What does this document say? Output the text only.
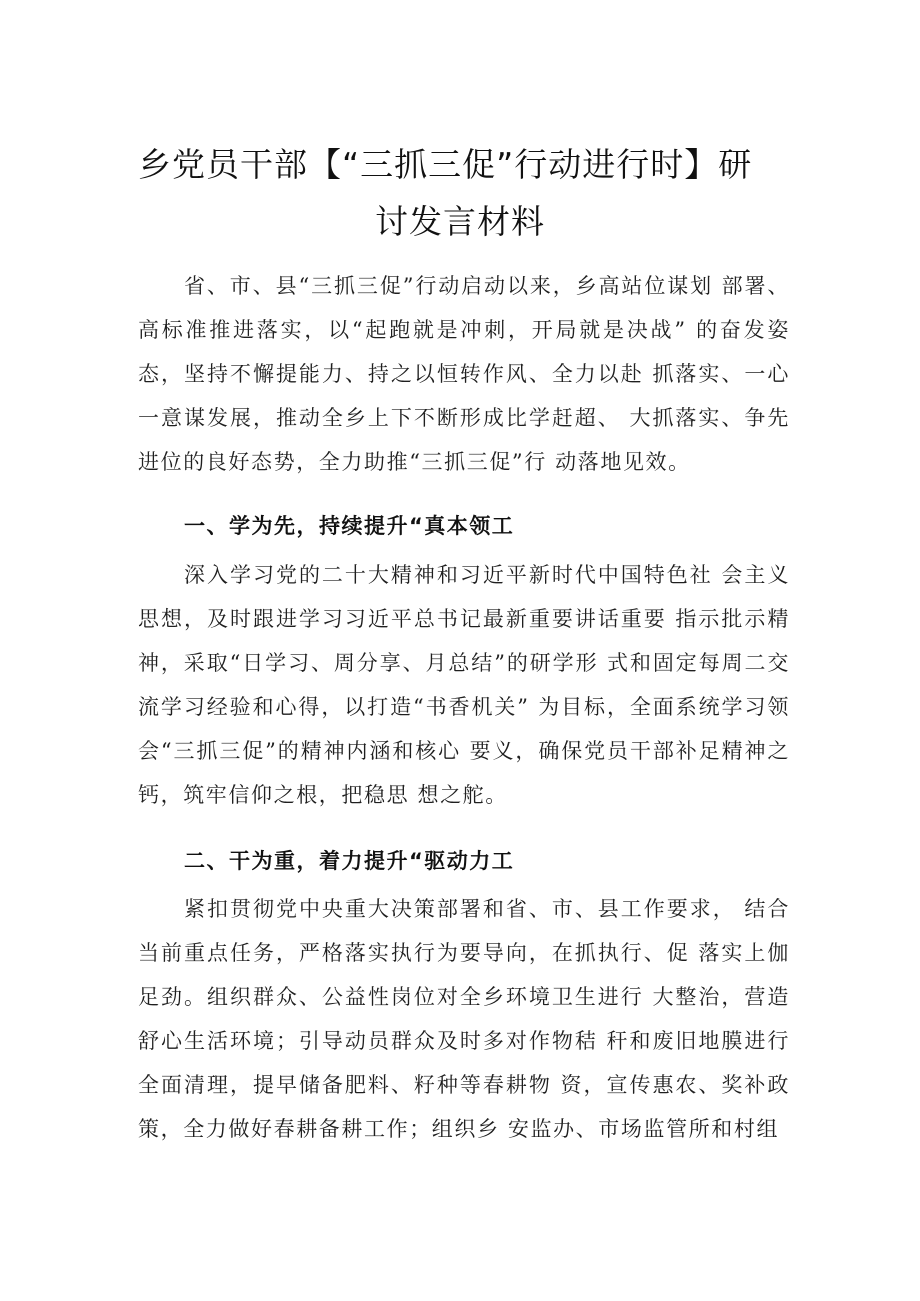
乡党员干部【“三抓三促”行动进行时】研
讨发言材料
省、市、县“三抓三促”行动启动以来，乡高站位谋划 部署、高标准推进落实，以“起跑就是冲刺，开局就是决战” 的奋发姿态，坚持不懈提能力、持之以恒转作风、全力以赴 抓落实、一心一意谋发展，推动全乡上下不断形成比学赶超、 大抓落实、争先进位的良好态势，全力助推“三抓三促”行 动落地见效。
一、学为先，持续提升“真本领工
深入学习党的二十大精神和习近平新时代中国特色社 会主义思想，及时跟进学习习近平总书记最新重要讲话重要 指示批示精神，采取“日学习、周分享、月总结”的研学形 式和固定每周二交流学习经验和心得，以打造“书香机关” 为目标，全面系统学习领会“三抓三促”的精神内涵和核心 要义，确保党员干部补足精神之钙，筑牢信仰之根，把稳思 想之舵。
二、干为重，着力提升“驱动力工
紧扣贯彻党中央重大决策部署和省、市、县工作要求， 结合当前重点任务，严格落实执行为要导向，在抓执行、促 落实上伽足劲。组织群众、公益性岗位对全乡环境卫生进行 大整治，营造舒心生活环境；引导动员群众及时多对作物秸 秆和废旧地膜进行全面清理，提早储备肥料、籽种等春耕物 资，宣传惠农、奖补政策，全力做好春耕备耕工作；组织乡 安监办、市场监管所和村组
